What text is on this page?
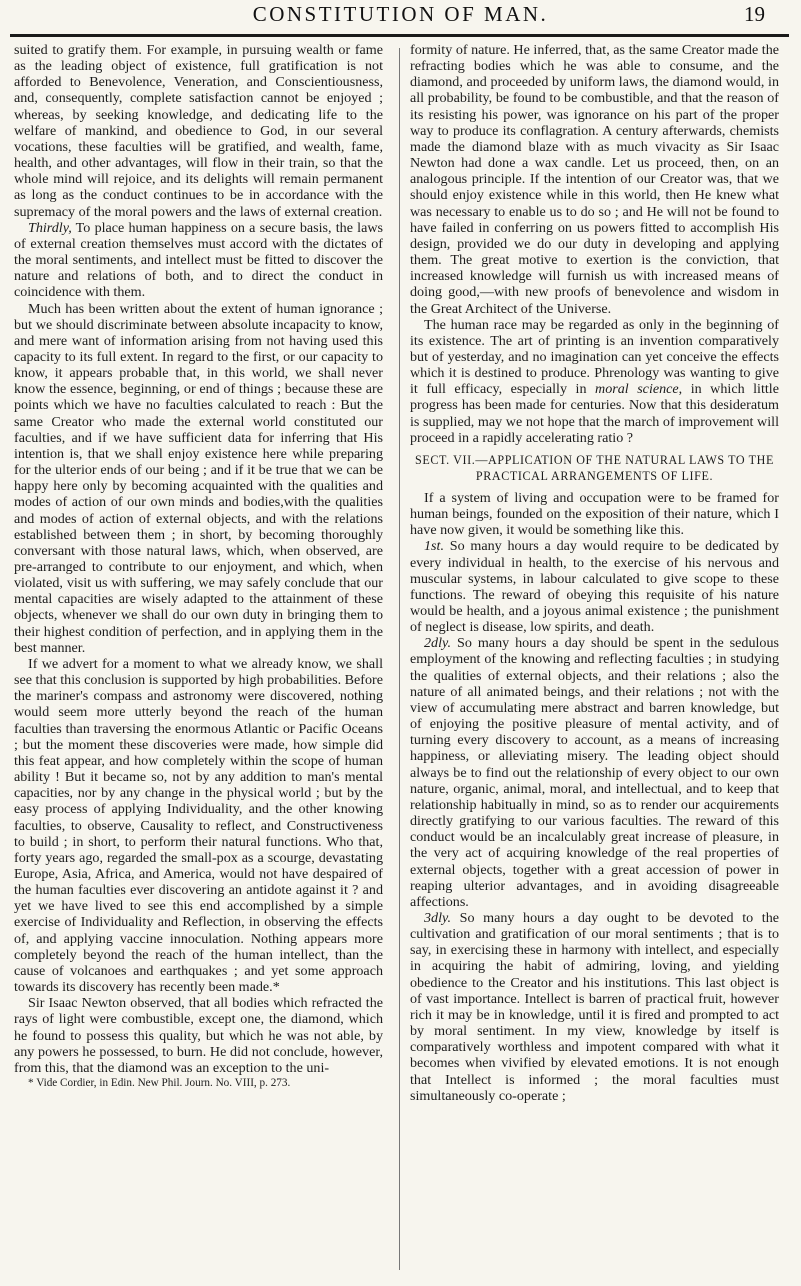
CONSTITUTION OF MAN.	19

suited to gratify them. For example, in pursuing wealth or fame as the leading object of existence, full gratification is not afforded to Benevolence, Veneration, and Conscientiousness, and, consequently, complete satisfaction cannot be enjoyed ; whereas, by seeking knowledge, and dedicating life to the welfare of mankind, and obedience to God, in our several vocations, these faculties will be gratified, and wealth, fame, health, and other advantages, will flow in their train, so that the whole mind will rejoice, and its delights will remain permanent as long as the conduct continues to be in accordance with the supremacy of the moral powers and the laws of external creation.

Thirdly, To place human happiness on a secure basis, the laws of external creation themselves must accord with the dictates of the moral sentiments, and intellect must be fitted to discover the nature and relations of both, and to direct the conduct in coincidence with them.

Much has been written about the extent of human ignorance ; but we should discriminate between absolute incapacity to know, and mere want of information arising from not having used this capacity to its full extent. In regard to the first, or our capacity to know, it appears probable that, in this world, we shall never know the essence, beginning, or end of things ; because these are points which we have no faculties calculated to reach : But the same Creator who made the external world constituted our faculties, and if we have sufficient data for inferring that His intention is, that we shall enjoy existence here while preparing for the ulterior ends of our being ; and if it be true that we can be happy here only by becoming acquainted with the qualities and modes of action of our own minds and bodies,with the qualities and modes of action of external objects, and with the relations established between them ; in short, by becoming thoroughly conversant with those natural laws, which, when observed, are pre-arranged to contribute to our enjoyment, and which, when violated, visit us with suffering, we may safely conclude that our mental capacities are wisely adapted to the attainment of these objects, whenever we shall do our own duty in bringing them to their highest condition of perfection, and in applying them in the best manner.

If we advert for a moment to what we already know, we shall see that this conclusion is supported by high probabilities. Before the mariner's compass and astronomy were discovered, nothing would seem more utterly beyond the reach of the human faculties than traversing the enormous Atlantic or Pacific Oceans ; but the moment these discoveries were made, how simple did this feat appear, and how completely within the scope of human ability ! But it became so, not by any addition to man's mental capacities, nor by any change in the physical world ; but by the easy process of applying Individuality, and the other knowing faculties, to observe, Causality to reflect, and Constructiveness to build ; in short, to perform their natural functions. Who that, forty years ago, regarded the small-pox as a scourge, devastating Europe, Asia, Africa, and America, would not have despaired of the human faculties ever discovering an antidote against it ? and yet we have lived to see this end accomplished by a simple exercise of Individuality and Reflection, in observing the effects of, and applying vaccine innoculation. Nothing appears more completely beyond the reach of the human intellect, than the cause of volcanoes and earthquakes ; and yet some approach towards its discovery has recently been made.*

Sir Isaac Newton observed, that all bodies which refracted the rays of light were combustible, except one, the diamond, which he found to possess this quality, but which he was not able, by any powers he possessed, to burn. He did not conclude, however, from this, that the diamond was an exception to the uni-

* Vide Cordier, in Edin. New Phil. Journ. No. VIII, p. 273.

formity of nature. He inferred, that, as the same Creator made the refracting bodies which he was able to consume, and the diamond, and proceeded by uniform laws, the diamond would, in all probability, be found to be combustible, and that the reason of its resisting his power, was ignorance on his part of the proper way to produce its conflagration. A century afterwards, chemists made the diamond blaze with as much vivacity as Sir Isaac Newton had done a wax candle. Let us proceed, then, on an analogous principle. If the intention of our Creator was, that we should enjoy existence while in this world, then He knew what was necessary to enable us to do so ; and He will not be found to have failed in conferring on us powers fitted to accomplish His design, provided we do our duty in developing and applying them. The great motive to exertion is the conviction, that increased knowledge will furnish us with increased means of doing good,—with new proofs of benevolence and wisdom in the Great Architect of the Universe.

The human race may be regarded as only in the beginning of its existence. The art of printing is an invention comparatively but of yesterday, and no imagination can yet conceive the effects which it is destined to produce. Phrenology was wanting to give it full efficacy, especially in moral science, in which little progress has been made for centuries. Now that this desideratum is supplied, may we not hope that the march of improvement will proceed in a rapidly accelerating ratio ?

SECT. VII.—APPLICATION OF THE NATURAL LAWS TO THE PRACTICAL ARRANGEMENTS OF LIFE.

If a system of living and occupation were to be framed for human beings, founded on the exposition of their nature, which I have now given, it would be something like this.

1st. So many hours a day would require to be dedicated by every individual in health, to the exercise of his nervous and muscular systems, in labour calculated to give scope to these functions. The reward of obeying this requisite of his nature would be health, and a joyous animal existence ; the punishment of neglect is disease, low spirits, and death.

2dly. So many hours a day should be spent in the sedulous employment of the knowing and reflecting faculties ; in studying the qualities of external objects, and their relations ; also the nature of all animated beings, and their relations ; not with the view of accumulating mere abstract and barren knowledge, but of enjoying the positive pleasure of mental activity, and of turning every discovery to account, as a means of increasing happiness, or alleviating misery. The leading object should always be to find out the relationship of every object to our own nature, organic, animal, moral, and intellectual, and to keep that relationship habitually in mind, so as to render our acquirements directly gratifying to our various faculties. The reward of this conduct would be an incalculably great increase of pleasure, in the very act of acquiring knowledge of the real properties of external objects, together with a great accession of power in reaping ulterior advantages, and in avoiding disagreeable affections.

3dly. So many hours a day ought to be devoted to the cultivation and gratification of our moral sentiments ; that is to say, in exercising these in harmony with intellect, and especially in acquiring the habit of admiring, loving, and yielding obedience to the Creator and his institutions. This last object is of vast importance. Intellect is barren of practical fruit, however rich it may be in knowledge, until it is fired and prompted to act by moral sentiment. In my view, knowledge by itself is comparatively worthless and impotent compared with what it becomes when vivified by elevated emotions. It is not enough that Intellect is informed ; the moral faculties must simultaneously co-operate ;
